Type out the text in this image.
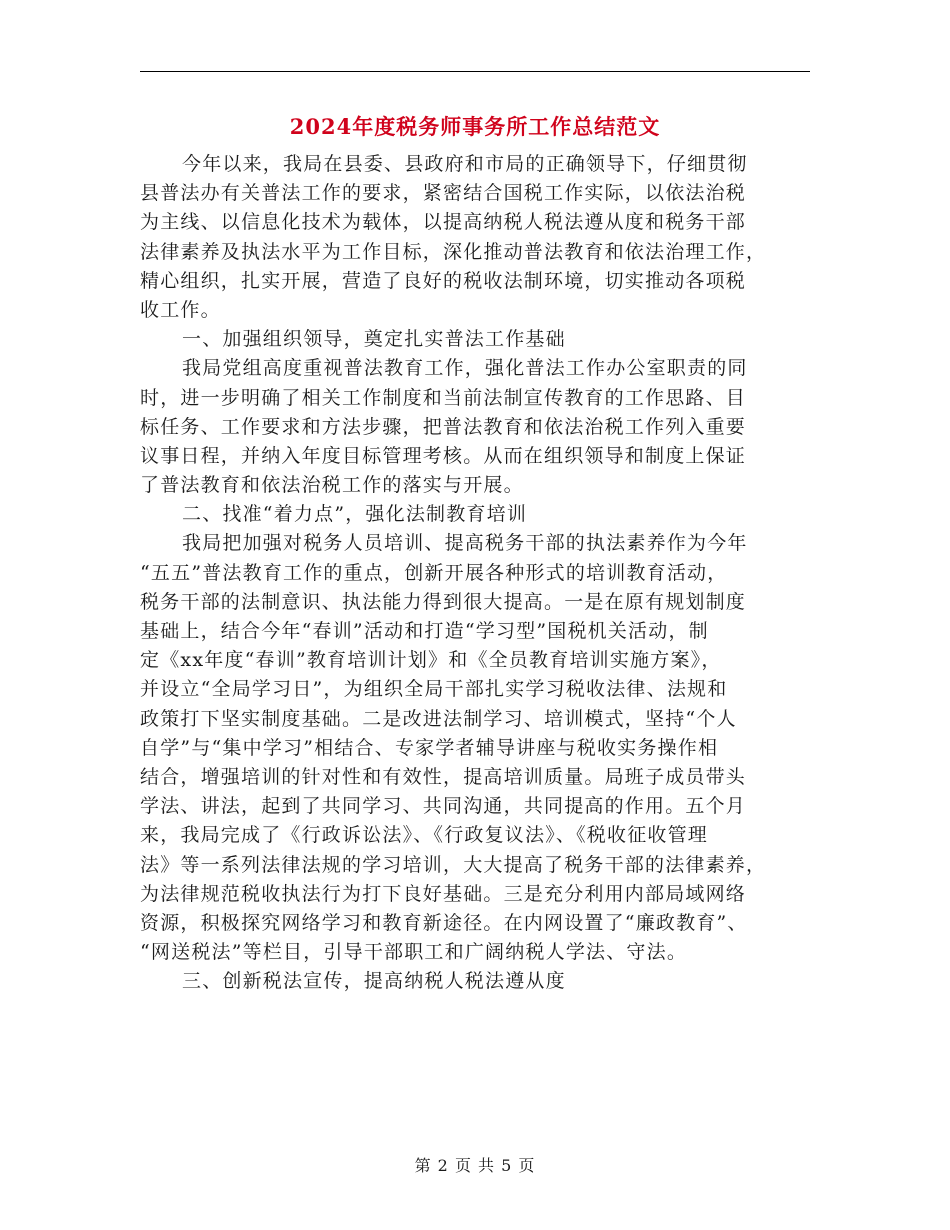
2024年度税务师事务所工作总结范文
今年以来，我局在县委、县政府和市局的正确领导下，仔细贯彻
县普法办有关普法工作的要求，紧密结合国税工作实际，以依法治税
为主线、以信息化技术为载体，以提高纳税人税法遵从度和税务干部
法律素养及执法水平为工作目标，深化推动普法教育和依法治理工作，
精心组织，扎实开展，营造了良好的税收法制环境，切实推动各项税
收工作。
一、加强组织领导，奠定扎实普法工作基础
我局党组高度重视普法教育工作，强化普法工作办公室职责的同
时，进一步明确了相关工作制度和当前法制宣传教育的工作思路、目
标任务、工作要求和方法步骤，把普法教育和依法治税工作列入重要
议事日程，并纳入年度目标管理考核。从而在组织领导和制度上保证
了普法教育和依法治税工作的落实与开展。
二、找准“着力点”，强化法制教育培训
我局把加强对税务人员培训、提高税务干部的执法素养作为今年
“五五”普法教育工作的重点，创新开展各种形式的培训教育活动，
税务干部的法制意识、执法能力得到很大提高。一是在原有规划制度
基础上，结合今年“春训”活动和打造“学习型”国税机关活动，制
定《xx年度“春训”教育培训计划》和《全员教育培训实施方案》，
并设立“全局学习日”，为组织全局干部扎实学习税收法律、法规和
政策打下坚实制度基础。二是改进法制学习、培训模式，坚持“个人
自学”与“集中学习”相结合、专家学者辅导讲座与税收实务操作相
结合，增强培训的针对性和有效性，提高培训质量。局班子成员带头
学法、讲法，起到了共同学习、共同沟通，共同提高的作用。五个月
来，我局完成了《行政诉讼法》、《行政复议法》、《税收征收管理
法》等一系列法律法规的学习培训，大大提高了税务干部的法律素养，
为法律规范税收执法行为打下良好基础。三是充分利用内部局域网络
资源，积极探究网络学习和教育新途径。在内网设置了“廉政教育”、
“网送税法”等栏目，引导干部职工和广阔纳税人学法、守法。
三、创新税法宣传，提高纳税人税法遵从度
第 2 页 共 5 页
